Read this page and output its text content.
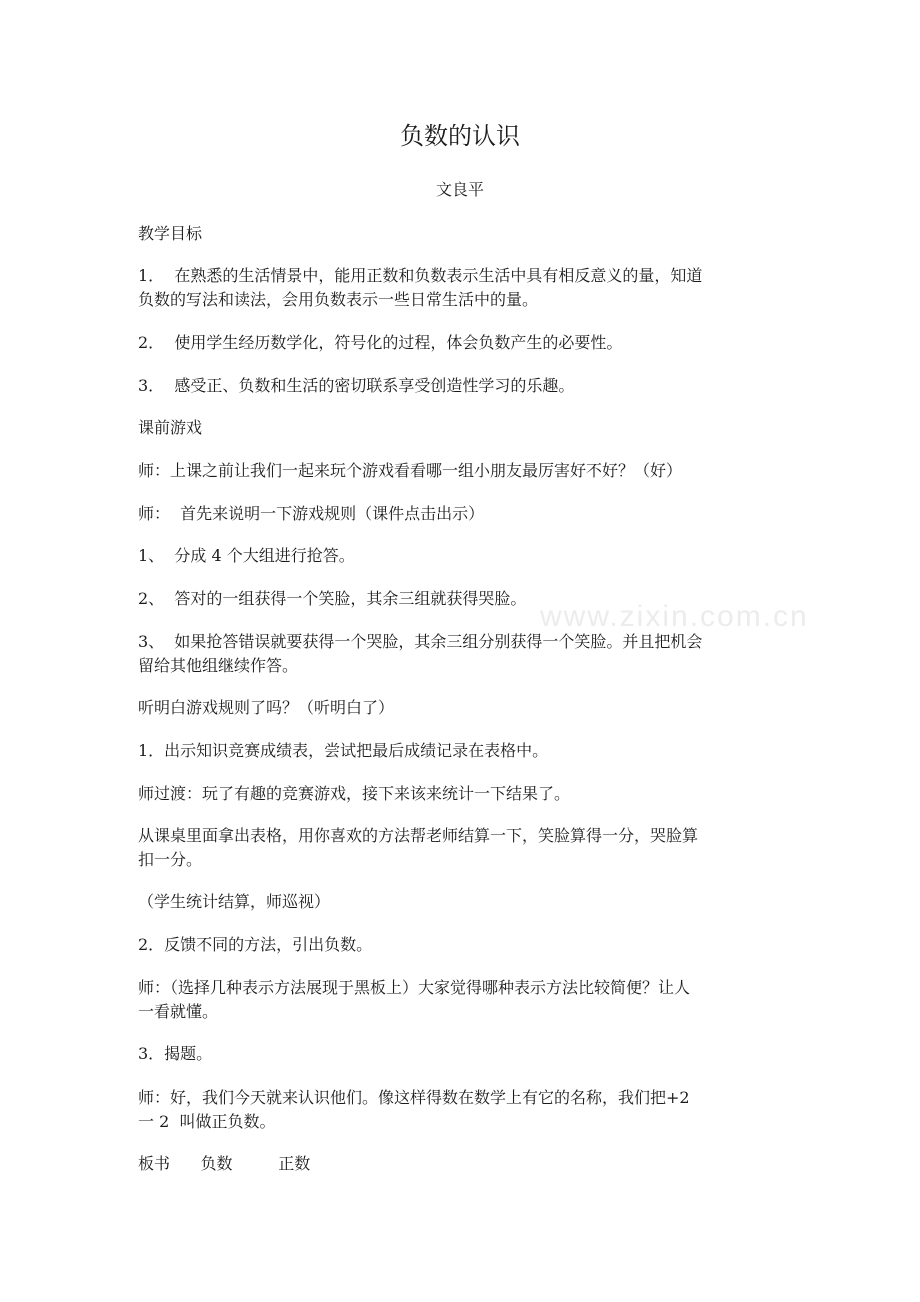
负数的认识
文良平
教学目标
1．  在熟悉的生活情景中，能用正数和负数表示生活中具有相反意义的量，知道
负数的写法和读法，会用负数表示一些日常生活中的量。
2．  使用学生经历数学化，符号化的过程，体会负数产生的必要性。
3．  感受正、负数和生活的密切联系享受创造性学习的乐趣。
课前游戏
师：上课之前让我们一起来玩个游戏看看哪一组小朋友最厉害好不好？（好）
师：  首先来说明一下游戏规则（课件点击出示）
1、  分成 4 个大组进行抢答。
2、  答对的一组获得一个笑脸，其余三组就获得哭脸。
3、  如果抢答错误就要获得一个哭脸，其余三组分别获得一个笑脸。并且把机会
留给其他组继续作答。
听明白游戏规则了吗？（听明白了）
1．出示知识竞赛成绩表，尝试把最后成绩记录在表格中。
师过渡：玩了有趣的竞赛游戏，接下来该来统计一下结果了。
从课桌里面拿出表格，用你喜欢的方法帮老师结算一下，笑脸算得一分，哭脸算
扣一分。
（学生统计结算，师巡视）
2．反馈不同的方法，引出负数。
师：（选择几种表示方法展现于黑板上）大家觉得哪种表示方法比较简便？让人
一看就懂。
3．揭题。
师：好，我们今天就来认识他们。像这样得数在数学上有它的名称，我们把+2
一 2  叫做正负数。
板书      负数         正数
www.zixin.com.cn
